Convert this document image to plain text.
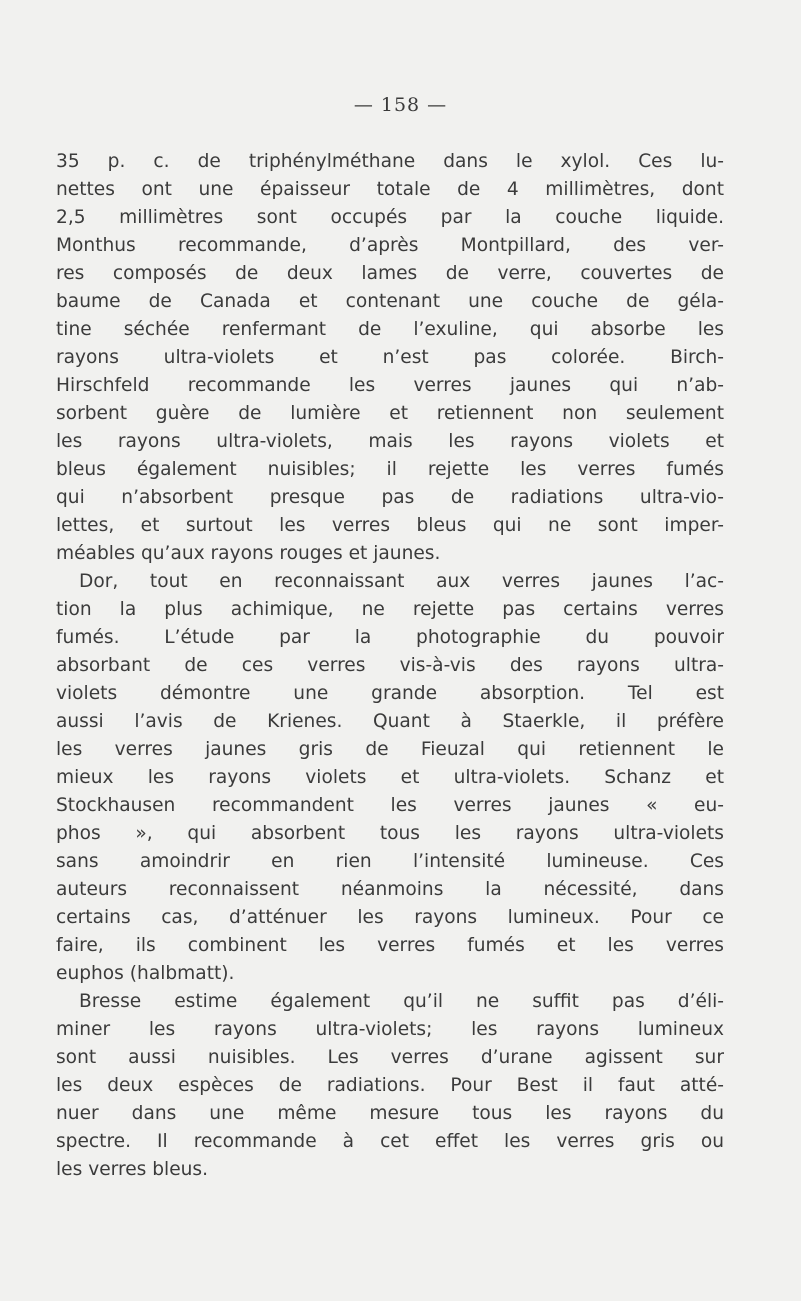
— 158 —
35 p. c. de triphénylméthane dans le xylol. Ces lu-
nettes ont une épaisseur totale de 4 millimètres, dont
2,5 millimètres sont occupés par la couche liquide.
Monthus recommande, d’après Montpillard, des ver-
res composés de deux lames de verre, couvertes de
baume de Canada et contenant une couche de géla-
tine séchée renfermant de l’exuline, qui absorbe les
rayons ultra-violets et n’est pas colorée. Birch-
Hirschfeld recommande les verres jaunes qui n’ab-
sorbent guère de lumière et retiennent non seulement
les rayons ultra-violets, mais les rayons violets et
bleus également nuisibles; il rejette les verres fumés
qui n’absorbent presque pas de radiations ultra-vio-
lettes, et surtout les verres bleus qui ne sont imper-
méables qu’aux rayons rouges et jaunes.
Dor, tout en reconnaissant aux verres jaunes l’ac-
tion la plus achimique, ne rejette pas certains verres
fumés. L’étude par la photographie du pouvoir
absorbant de ces verres vis-à-vis des rayons ultra-
violets démontre une grande absorption. Tel est
aussi l’avis de Krienes. Quant à Staerkle, il préfère
les verres jaunes gris de Fieuzal qui retiennent le
mieux les rayons violets et ultra-violets. Schanz et
Stockhausen recommandent les verres jaunes « eu-
phos », qui absorbent tous les rayons ultra-violets
sans amoindrir en rien l’intensité lumineuse. Ces
auteurs reconnaissent néanmoins la nécessité, dans
certains cas, d’atténuer les rayons lumineux. Pour ce
faire, ils combinent les verres fumés et les verres
euphos (halbmatt).
Bresse estime également qu’il ne suffit pas d’éli-
miner les rayons ultra-violets; les rayons lumineux
sont aussi nuisibles. Les verres d’urane agissent sur
les deux espèces de radiations. Pour Best il faut atté-
nuer dans une même mesure tous les rayons du
spectre. Il recommande à cet effet les verres gris ou
les verres bleus.
